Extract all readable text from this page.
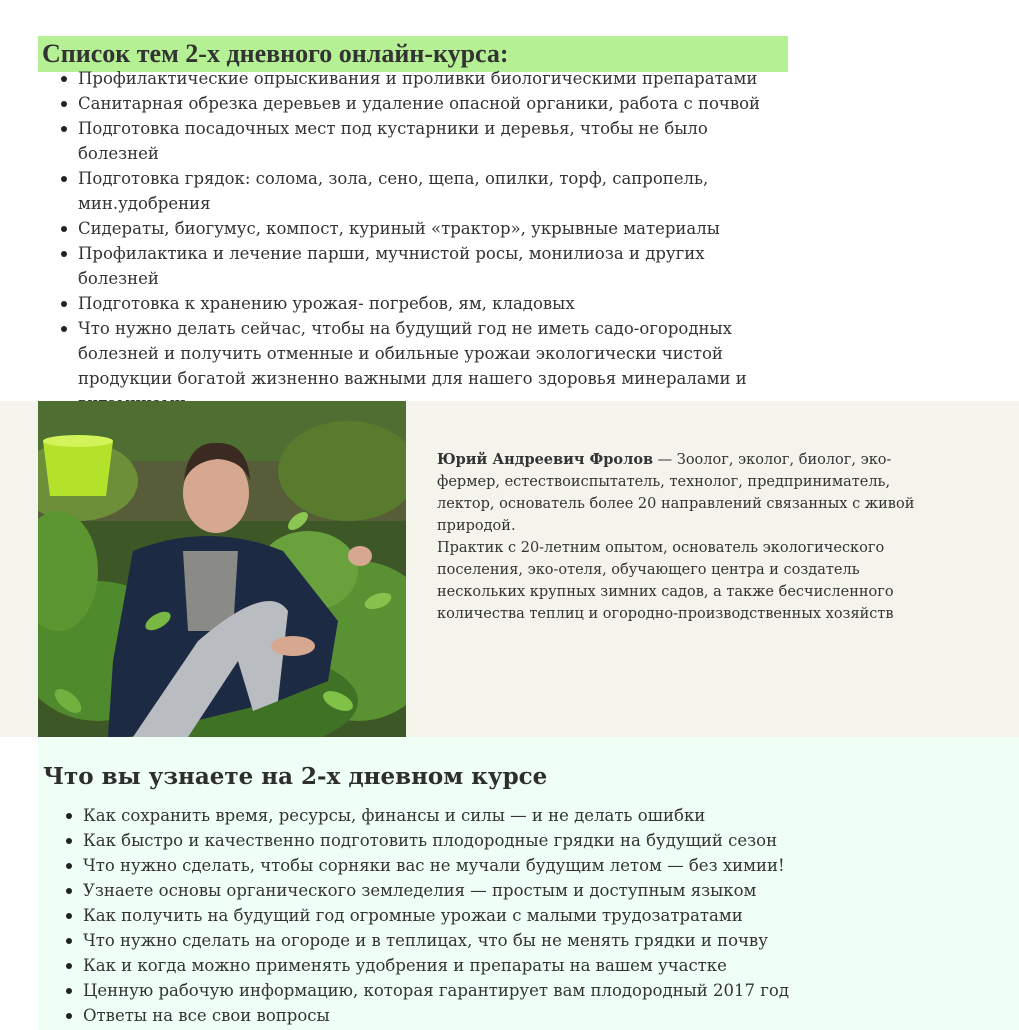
Список тем 2-х дневного онлайн-курса:
Профилактические опрыскивания и проливки биологическими препаратами
Санитарная обрезка деревьев и удаление опасной органики, работа с почвой
Подготовка посадочных мест под кустарники и деревья, чтобы не было болезней
Подготовка грядок: солома, зола, сено, щепа, опилки, торф, сапропель, мин.удобрения
Сидераты, биогумус, компост, куриный «трактор», укрывные материалы
Профилактика и лечение парши, мучнистой росы, монилиоза и других болезней
Подготовка к хранению урожая- погребов, ям, кладовых
Что нужно делать сейчас, чтобы на будущий год не иметь садо-огородных болезней и получить отменные и обильные урожаи экологически чистой продукции богатой жизненно важными для нашего здоровья минералами и
Юрий Андреевич Фролов — Зоолог, эколог, биолог, эко-фермер, естествоиспытатель, технолог, предприниматель, лектор, основатель более 20 направлений связанных с живой природой.
Практик с 20-летним опытом, основатель экологического поселения, эко-отеля, обучающего центра и создатель нескольких крупных зимних садов, а также бесчисленного количества теплиц и огородно-производственных хозяйств
Что вы узнаете на 2-х дневном курсе
Как сохранить время, ресурсы, финансы и силы — и не делать ошибки
Как быстро и качественно подготовить плодородные грядки на будущий сезон
Что нужно сделать, чтобы сорняки вас не мучали будущим летом — без химии!
Узнаете основы органического земледелия — простым и доступным языком
Как получить на будущий год огромные урожаи с малыми трудозатратами
Что нужно сделать на огороде и в теплицах, что бы не менять грядки и почву
Как и когда можно применять удобрения и препараты на вашем участке
Ценную рабочую информацию, которая гарантирует вам плодородный 2017 год
Ответы на все свои вопросы
